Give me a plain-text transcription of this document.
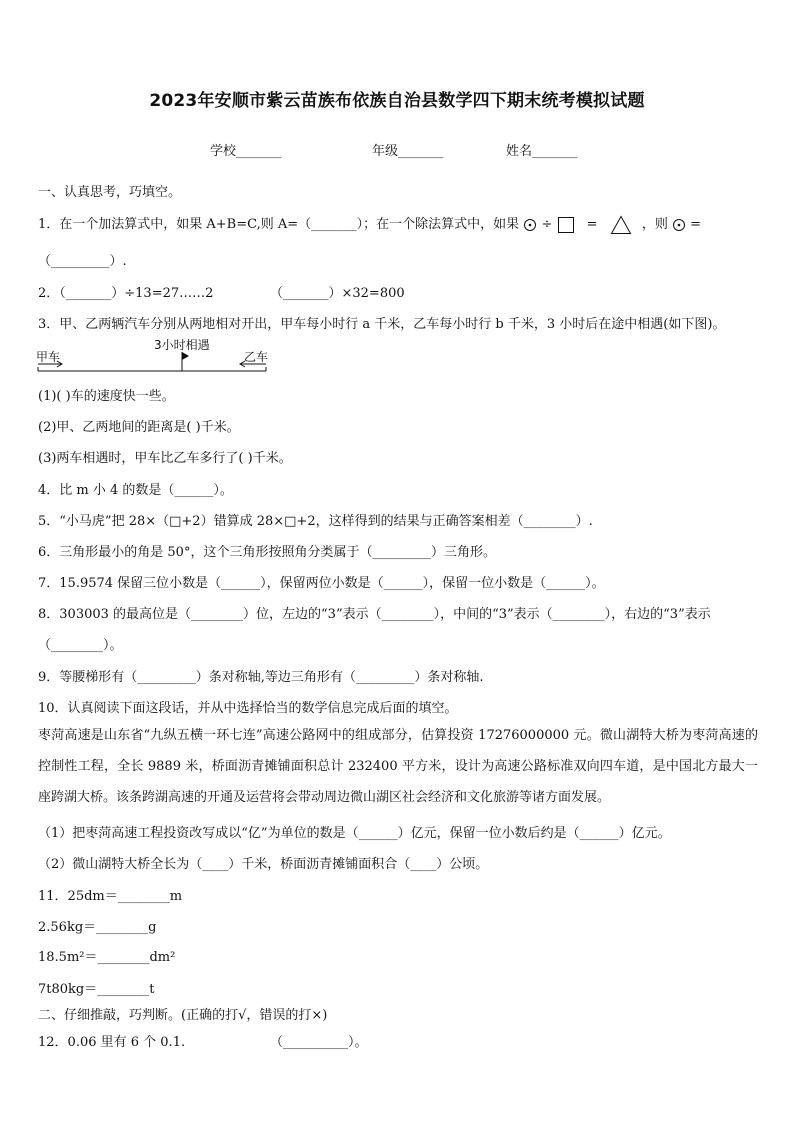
2023年安顺市紫云苗族布依族自治县数学四下期末统考模拟试题
学校_______	年级_______	姓名_______
一、认真思考，巧填空。
1．在一个加法算式中，如果 A+B=C,则 A=（_______）；在一个除法算式中，如果 ÷	=	，则 =
（_________）.
2．（_______）÷13=27……2	（_______）×32=800
3．甲、乙两辆汽车分别从两地相对开出，甲车每小时行 a 千米，乙车每小时行 b 千米，3 小时后在途中相遇(如下图)。
甲车
3小时相遇
乙车
(1)( )车的速度快一些。
(2)甲、乙两地间的距离是( )千米。
(3)两车相遇时，甲车比乙车多行了( )千米。
4．比 m 小 4 的数是（______）。
5．“小马虎”把 28×（□+2）错算成 28×□+2，这样得到的结果与正确答案相差（________）.
6．三角形最小的角是 50°，这个三角形按照角分类属于（_________）三角形。
7．15.9574 保留三位小数是（______），保留两位小数是（______），保留一位小数是（______）。
8．303003 的最高位是（________）位，左边的“3”表示（________），中间的“3”表示（________），右边的“3”表示
（________）。
9．等腰梯形有（_________）条对称轴,等边三角形有（_________）条对称轴.
10．认真阅读下面这段话，并从中选择恰当的数学信息完成后面的填空。
枣菏高速是山东省“九纵五横一环七连”高速公路网中的组成部分，估算投资 17276000000 元。微山湖特大桥为枣菏高速的控制性工程，全长 9889 米，桥面沥青摊铺面积总计 232400 平方米，设计为高速公路标准双向四车道，是中国北方最大一座跨湖大桥。该条跨湖高速的开通及运营将会带动周边微山湖区社会经济和文化旅游等诸方面发展。
（1）把枣菏高速工程投资改写成以“亿”为单位的数是（______）亿元，保留一位小数后约是（______）亿元。
（2）微山湖特大桥全长为（____）千米，桥面沥青摊铺面积合（____）公顷。
11．25dm＝________m
2.56kg＝________g
18.5m²＝________dm²
7t80kg＝________t
二、仔细推敲，巧判断。(正确的打√，错误的打×)
12．0.06 里有 6 个 0.1.	（__________）。
